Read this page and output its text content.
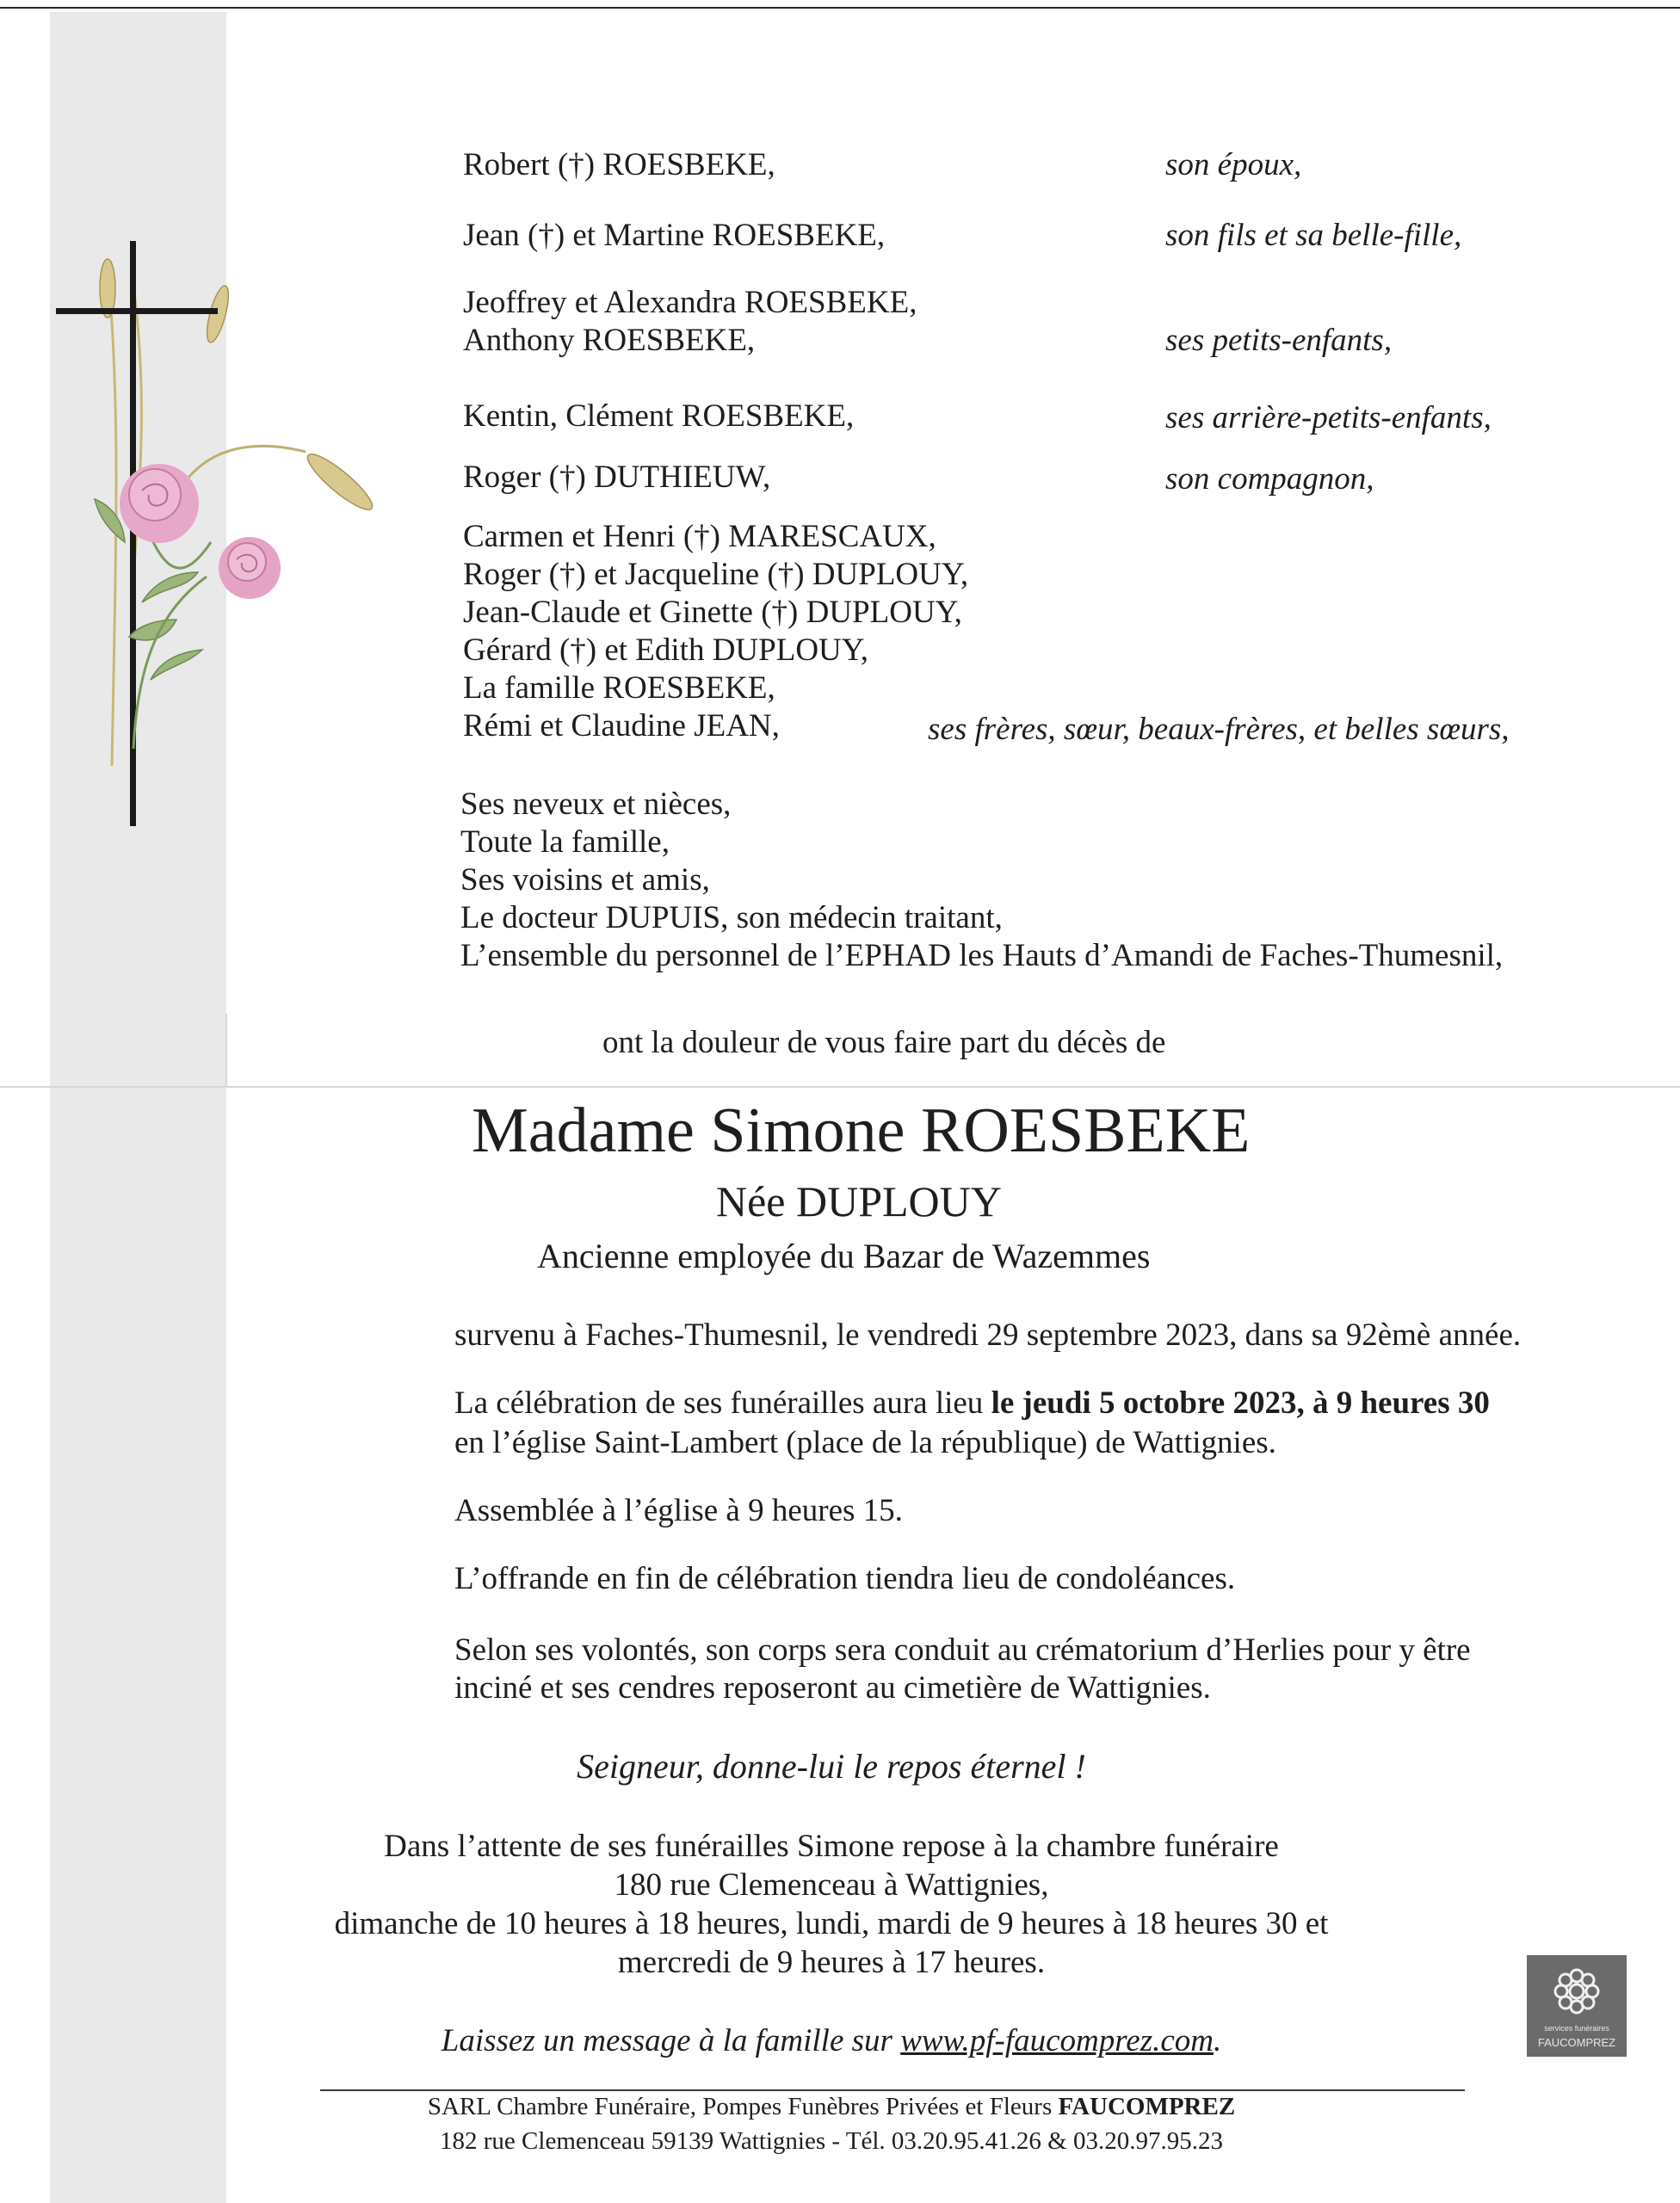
Robert (†) ROESBEKE,
Jean (†) et Martine ROESBEKE,
Jeoffrey et Alexandra ROESBEKE,
Anthony ROESBEKE,
Kentin, Clément ROESBEKE,
Roger (†) DUTHIEUW,
Carmen et Henri (†) MARESCAUX,
Roger (†) et Jacqueline (†) DUPLOUY,
Jean-Claude et Ginette (†) DUPLOUY,
Gérard (†) et Edith DUPLOUY,
La famille ROESBEKE,
Rémi et Claudine JEAN,
son époux,
son fils et sa belle-fille,
ses petits-enfants,
ses arrière-petits-enfants,
son compagnon,
ses frères, sœur, beaux-frères, et belles sœurs,
Ses neveux et nièces,
Toute la famille,
Ses voisins et amis,
Le docteur DUPUIS, son médecin traitant,
L’ensemble du personnel de l’EPHAD les Hauts d’Amandi de Faches-Thumesnil,
ont la douleur de vous faire part du décès de
Madame Simone ROESBEKE
Née DUPLOUY
Ancienne employée du Bazar de Wazemmes
survenu à Faches-Thumesnil, le vendredi 29 septembre 2023, dans sa 92èmè année.
La célébration de ses funérailles aura lieu le jeudi 5 octobre 2023, à 9 heures 30
en l’église Saint-Lambert (place de la république) de Wattignies.
Assemblée à l’église à 9 heures 15.
L’offrande en fin de célébration tiendra lieu de condoléances.
Selon ses volontés, son corps sera conduit au crématorium d’Herlies pour y être
inciné et ses cendres reposeront au cimetière de Wattignies.
Seigneur, donne-lui le repos éternel !
Dans l’attente de ses funérailles Simone repose à la chambre funéraire
180 rue Clemenceau à Wattignies,
dimanche de 10 heures à 18 heures, lundi, mardi de 9 heures à 18 heures 30 et
mercredi de 9 heures à 17 heures.
Laissez un message à la famille sur www.pf-faucomprez.com.	services funéraires
FAUCOMPREZ
SARL Chambre Funéraire, Pompes Funèbres Privées et Fleurs FAUCOMPREZ
182 rue Clemenceau 59139 Wattignies - Tél. 03.20.95.41.26 & 03.20.97.95.23
